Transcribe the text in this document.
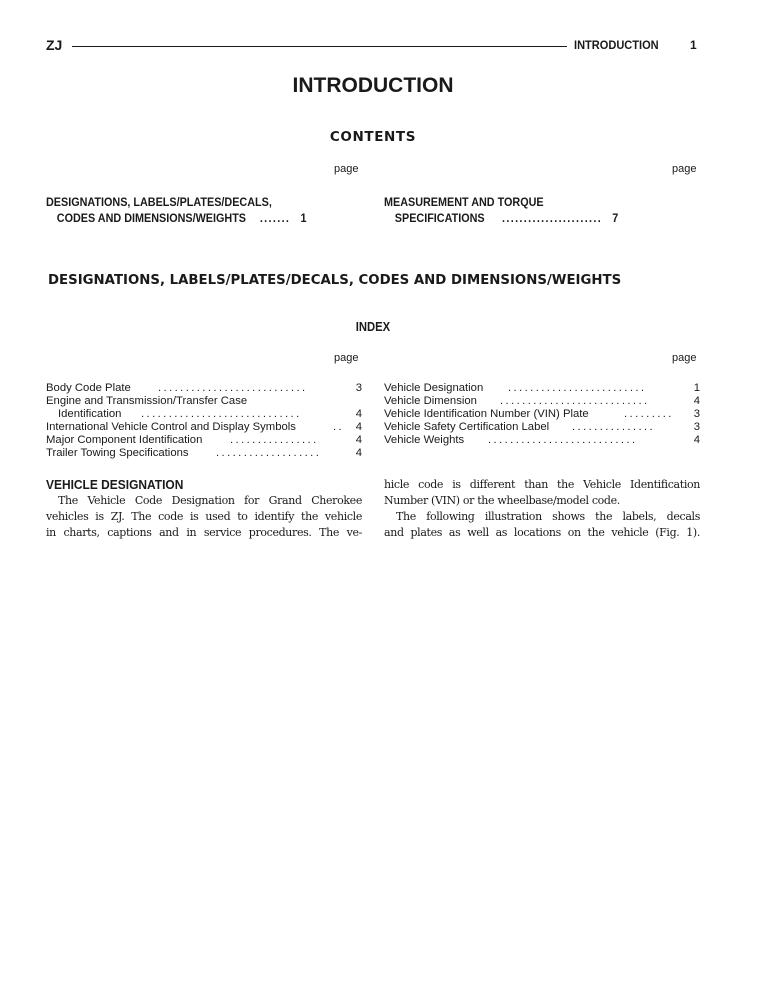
ZJ	INTRODUCTION	1
INTRODUCTION
CONTENTS
page	page
DESIGNATIONS, LABELS/PLATES/DECALS,
CODES AND DIMENSIONS/WEIGHTS ....... 1
MEASUREMENT AND TORQUE
SPECIFICATIONS ....................... 7
DESIGNATIONS, LABELS/PLATES/DECALS, CODES AND DIMENSIONS/WEIGHTS
INDEX
page	page
Body Code Plate ...........................	3
Engine and Transmission/Transfer Case
Identification .............................	4
International Vehicle Control and Display Symbols	.. 4
Major Component Identification ................	4
Trailer Towing Specifications ...................	4
Vehicle Designation .........................	1
Vehicle Dimension ...........................	4
Vehicle Identification Number (VIN) Plate	......... 3
Vehicle Safety Certification Label ...............	3
Vehicle Weights ...........................	4
VEHICLE DESIGNATION
The Vehicle Code Designation for Grand Cherokee
vehicles is ZJ. The code is used to identify the vehicle
in charts, captions and in service procedures. The ve-
hicle code is different than the Vehicle Identification
Number (VIN) or the wheelbase/model code.
The following illustration shows the labels, decals
and plates as well as locations on the vehicle (Fig. 1).
